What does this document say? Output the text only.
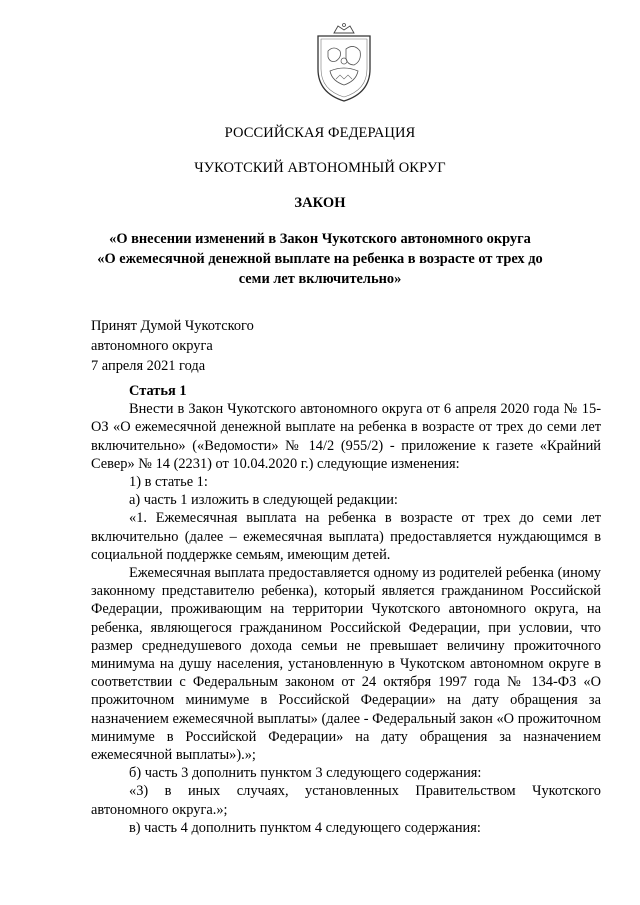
РОССИЙСКАЯ ФЕДЕРАЦИЯ
ЧУКОТСКИЙ АВТОНОМНЫЙ ОКРУГ
ЗАКОН
«О внесении изменений в Закон Чукотского автономного округа
«О ежемесячной денежной выплате на ребенка в возрасте от трех до
семи лет включительно»
Принят Думой Чукотского
автономного округа
7 апреля 2021 года

Статья 1

Внести в Закон Чукотского автономного округа от 6 апреля 2020 года № 15-ОЗ «О ежемесячной денежной выплате на ребенка в возрасте от трех до семи лет включительно» («Ведомости» № 14/2 (955/2) - приложение к газете «Крайний Север» № 14 (2231) от 10.04.2020 г.) следующие изменения:

1) в статье 1:

а) часть 1 изложить в следующей редакции:

«1. Ежемесячная выплата на ребенка в возрасте от трех до семи лет включительно (далее – ежемесячная выплата) предоставляется нуждающимся в социальной поддержке семьям, имеющим детей.

Ежемесячная выплата предоставляется одному из родителей ребенка (иному законному представителю ребенка), который является гражданином Российской Федерации, проживающим на территории Чукотского автономного округа, на ребенка, являющегося гражданином Российской Федерации, при условии, что размер среднедушевого дохода семьи не превышает величину прожиточного минимума на душу населения, установленную в Чукотском автономном округе в соответствии с Федеральным законом от 24 октября 1997 года № 134-ФЗ «О прожиточном минимуме в Российской Федерации» на дату обращения за назначением ежемесячной выплаты» (далее - Федеральный закон «О прожиточном минимуме в Российской Федерации» на дату обращения за назначением ежемесячной выплаты»).»;

б) часть 3 дополнить пунктом 3 следующего содержания:

«3) в иных случаях, установленных Правительством Чукотского автономного округа.»;

в) часть 4 дополнить пунктом 4 следующего содержания:
